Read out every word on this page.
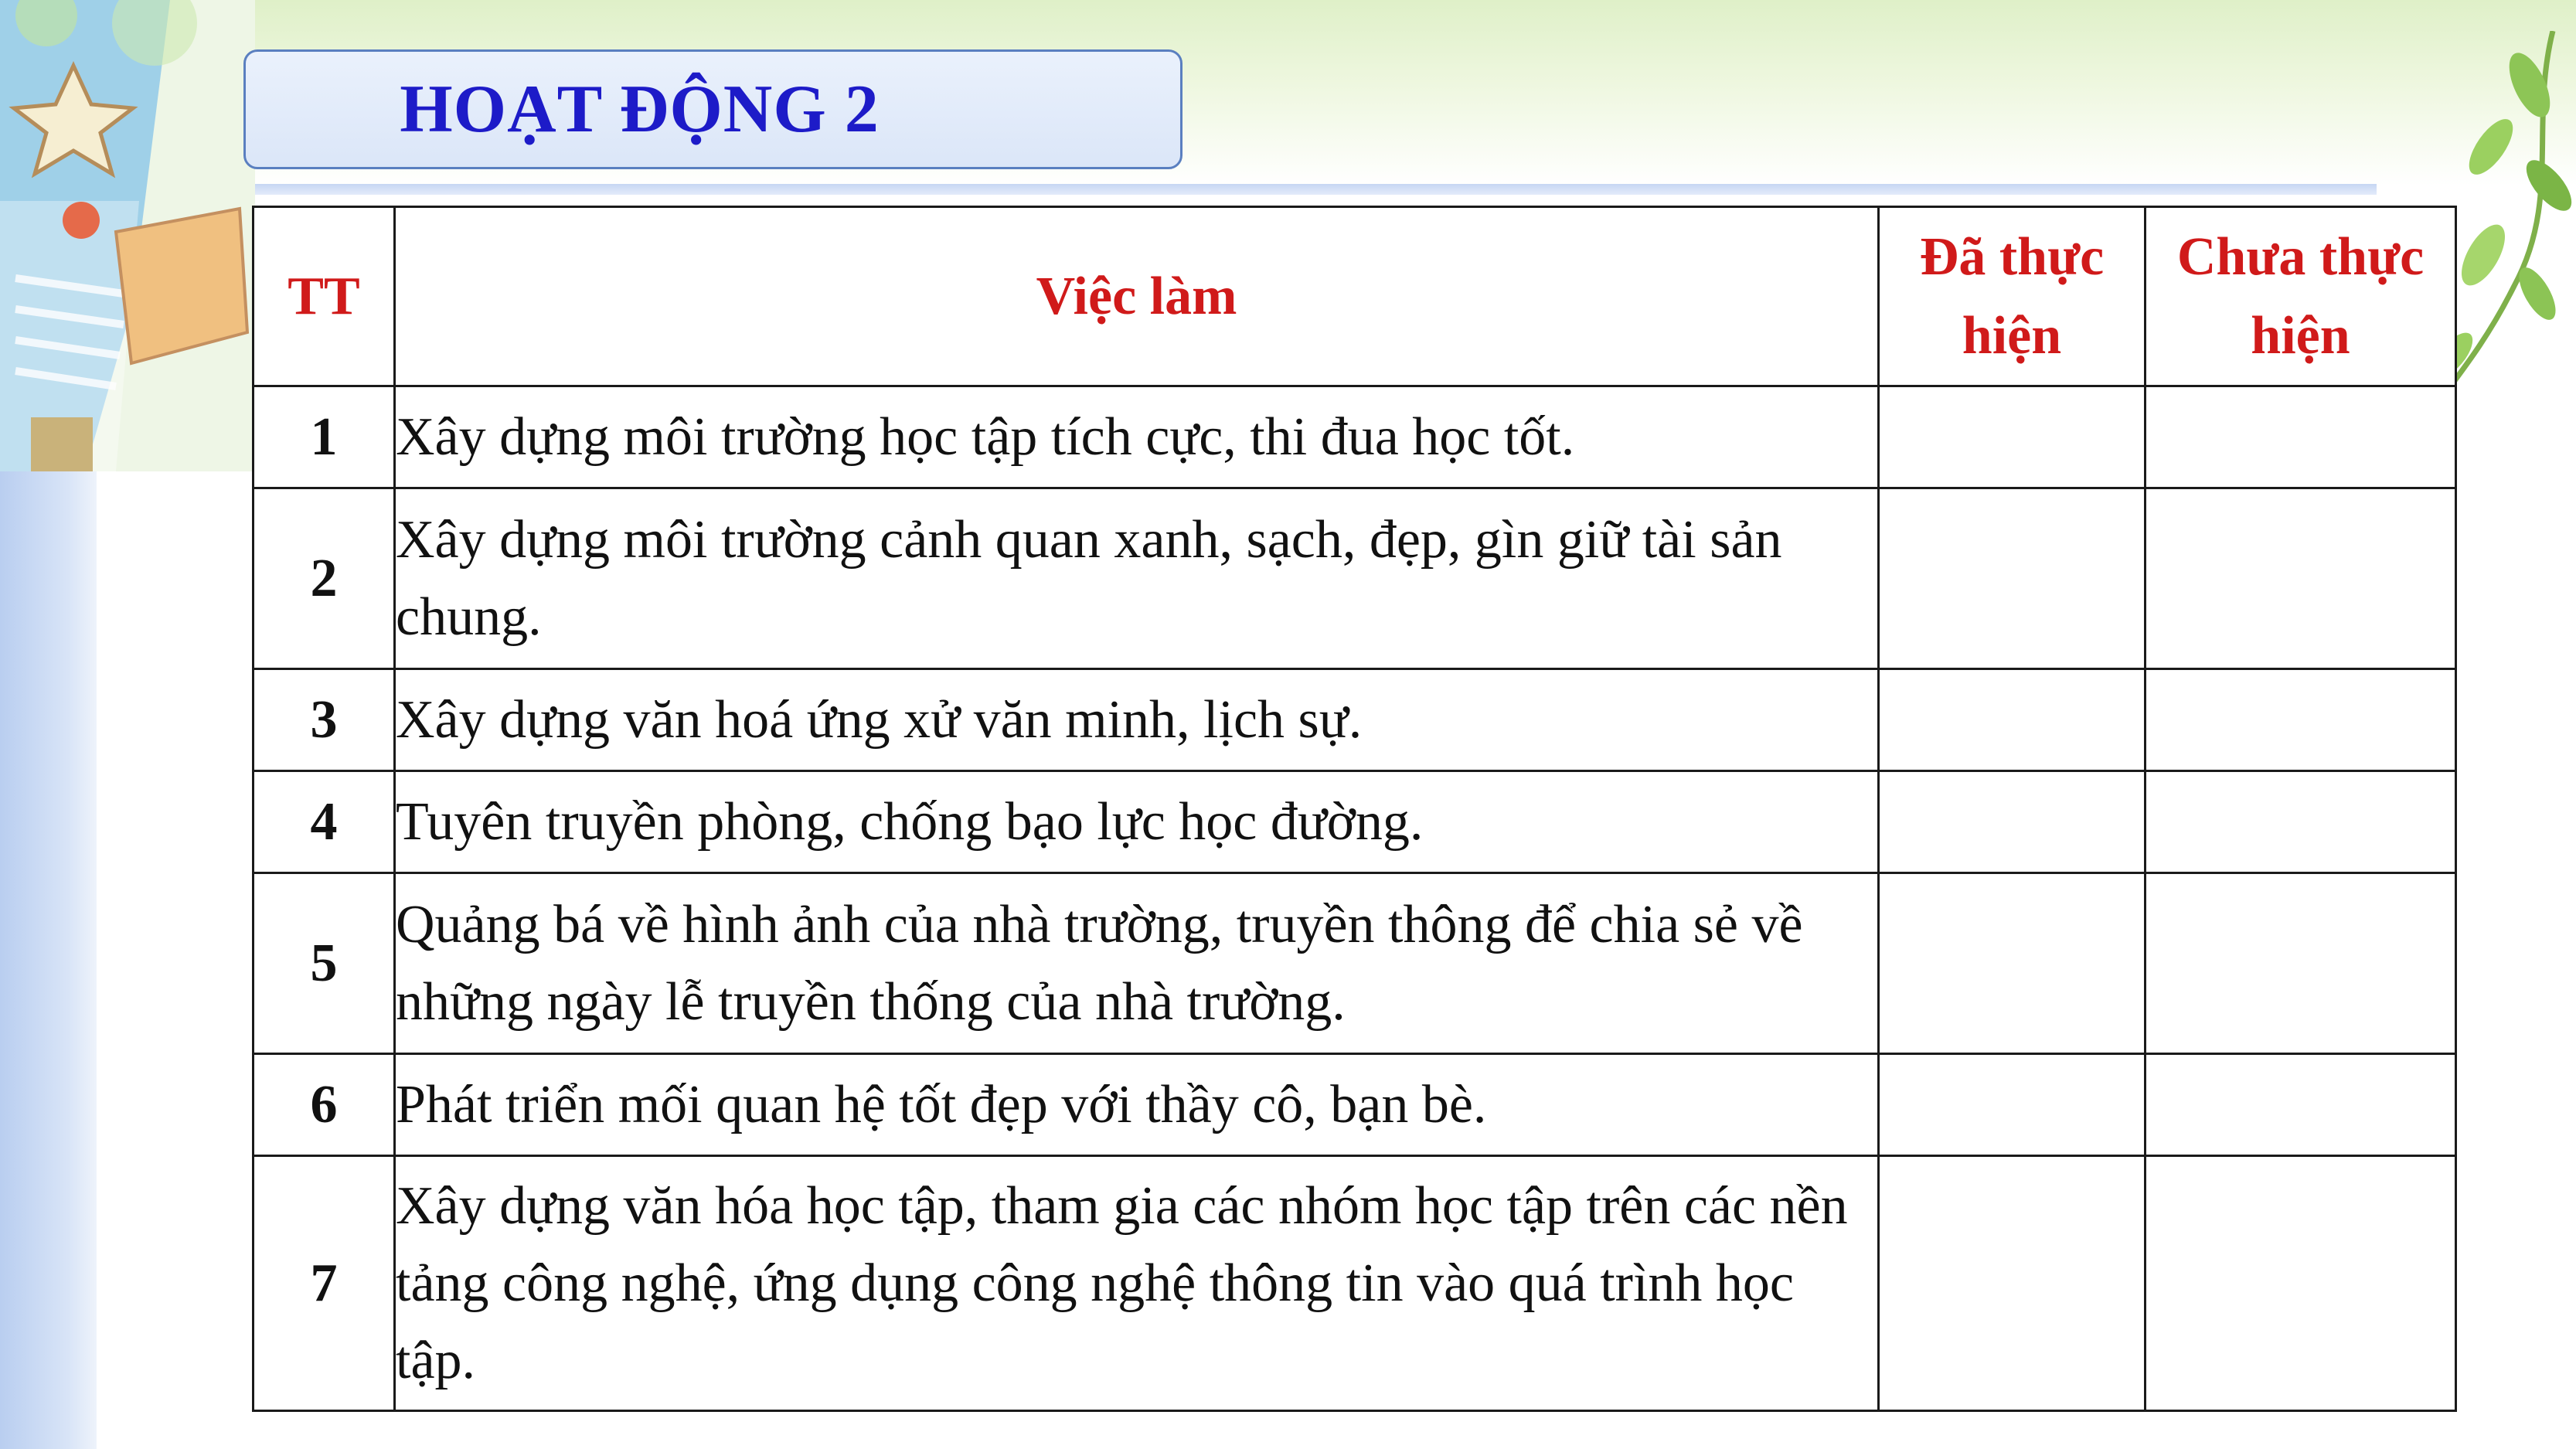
HOẠT ĐỘNG 2
TT	Việc làm	Đã thực hiện	Chưa thực hiện
1	Xây dựng môi trường học tập tích cực, thi đua học tốt.		
2	Xây dựng môi trường cảnh quan xanh, sạch, đẹp, gìn giữ tài sản chung.		
3	Xây dựng văn hoá ứng xử văn minh, lịch sự.		
4	Tuyên truyền phòng, chống bạo lực học đường.		
5	Quảng bá về hình ảnh của nhà trường, truyền thông để chia sẻ về những ngày lễ truyền thống của nhà trường.		
6	Phát triển mối quan hệ tốt đẹp với thầy cô, bạn bè.		
7	Xây dựng văn hóa học tập, tham gia các nhóm học tập trên các nền tảng công nghệ, ứng dụng công nghệ thông tin vào quá trình học tập.		
